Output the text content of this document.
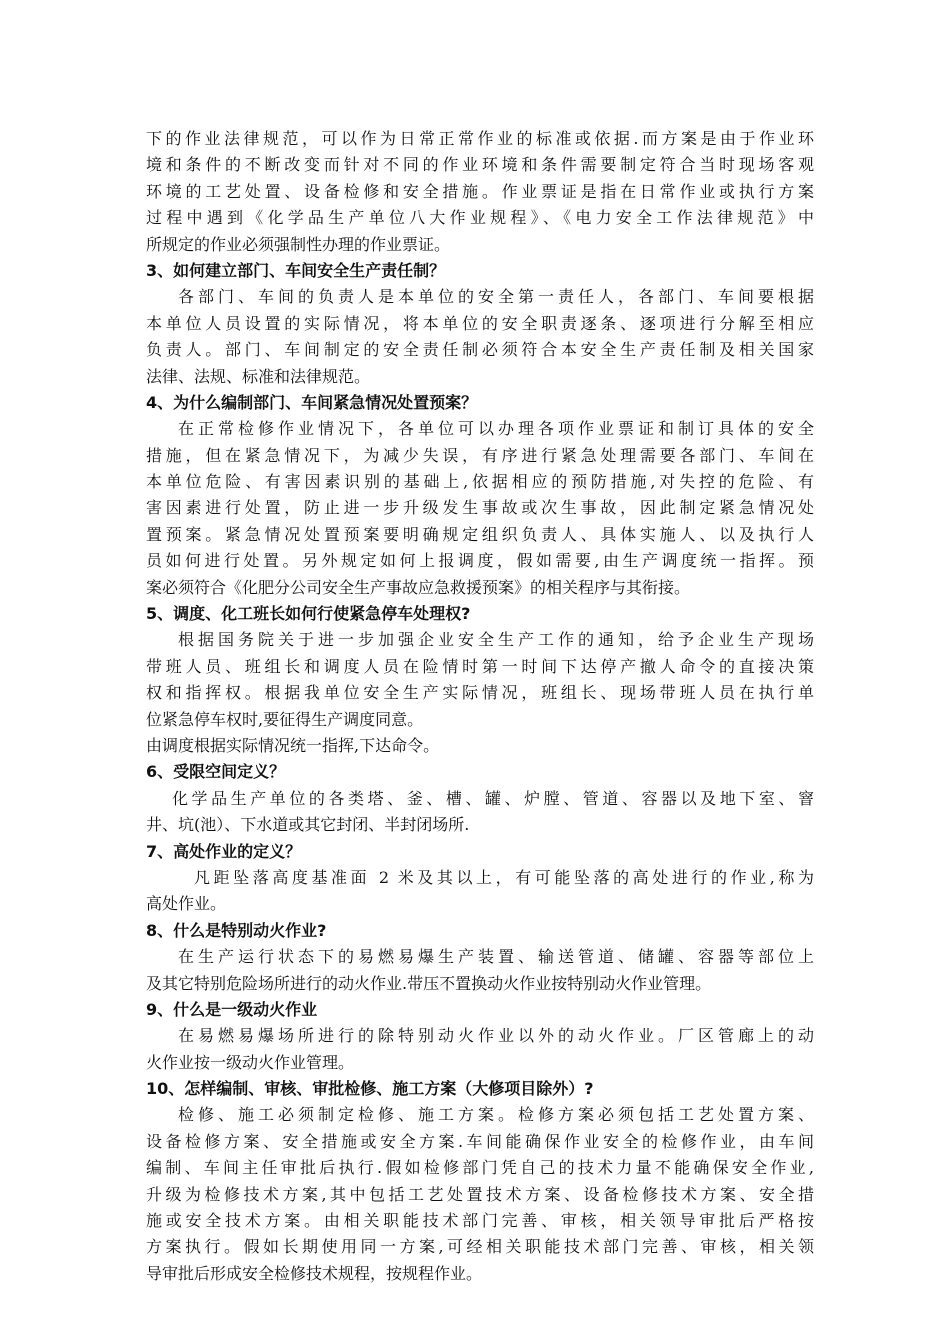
下的作业法律规范，可以作为日常正常作业的标准或依据.而方案是由于作业环
境和条件的不断改变而针对不同的作业环境和条件需要制定符合当时现场客观
环境的工艺处置、设备检修和安全措施。作业票证是指在日常作业或执行方案
过程中遇到《化学品生产单位八大作业规程》、《电力安全工作法律规范》中
所规定的作业必须强制性办理的作业票证。
3、如何建立部门、车间安全生产责任制？
各部门、车间的负责人是本单位的安全第一责任人，各部门、车间要根据
本单位人员设置的实际情况，将本单位的安全职责逐条、逐项进行分解至相应
负责人。部门、车间制定的安全责任制必须符合本安全生产责任制及相关国家
法律、法规、标准和法律规范。
4、为什么编制部门、车间紧急情况处置预案？
在正常检修作业情况下，各单位可以办理各项作业票证和制订具体的安全
措施，但在紧急情况下，为减少失误，有序进行紧急处理需要各部门、车间在
本单位危险、有害因素识别的基础上,依据相应的预防措施,对失控的危险、有
害因素进行处置，防止进一步升级发生事故或次生事故，因此制定紧急情况处
置预案。紧急情况处置预案要明确规定组织负责人、具体实施人、以及执行人
员如何进行处置。另外规定如何上报调度，假如需要,由生产调度统一指挥。预
案必须符合《化肥分公司安全生产事故应急救援预案》的相关程序与其衔接。
5、调度、化工班长如何行使紧急停车处理权?
根据国务院关于进一步加强企业安全生产工作的通知，给予企业生产现场
带班人员、班组长和调度人员在险情时第一时间下达停产撤人命令的直接决策
权和指挥权。根据我单位安全生产实际情况，班组长、现场带班人员在执行单
位紧急停车权时,要征得生产调度同意。
由调度根据实际情况统一指挥,下达命令。
6、受限空间定义？
化学品生产单位的各类塔、釜、槽、罐、炉膛、管道、容器以及地下室、窨
井、坑(池）、下水道或其它封闭、半封闭场所.
7、高处作业的定义？
凡距坠落高度基准面 2 米及其以上，有可能坠落的高处进行的作业,称为
高处作业。
8、什么是特别动火作业?
在生产运行状态下的易燃易爆生产装置、输送管道、储罐、容器等部位上
及其它特别危险场所进行的动火作业.带压不置换动火作业按特别动火作业管理。
9、什么是一级动火作业
在易燃易爆场所进行的除特别动火作业以外的动火作业。厂区管廊上的动
火作业按一级动火作业管理。
10、怎样编制、审核、审批检修、施工方案（大修项目除外）?
检修、施工必须制定检修、施工方案。检修方案必须包括工艺处置方案、
设备检修方案、安全措施或安全方案.车间能确保作业安全的检修作业，由车间
编制、车间主任审批后执行.假如检修部门凭自己的技术力量不能确保安全作业,
升级为检修技术方案,其中包括工艺处置技术方案、设备检修技术方案、安全措
施或安全技术方案。由相关职能技术部门完善、审核，相关领导审批后严格按
方案执行。假如长期使用同一方案,可经相关职能技术部门完善、审核，相关领
导审批后形成安全检修技术规程，按规程作业。
